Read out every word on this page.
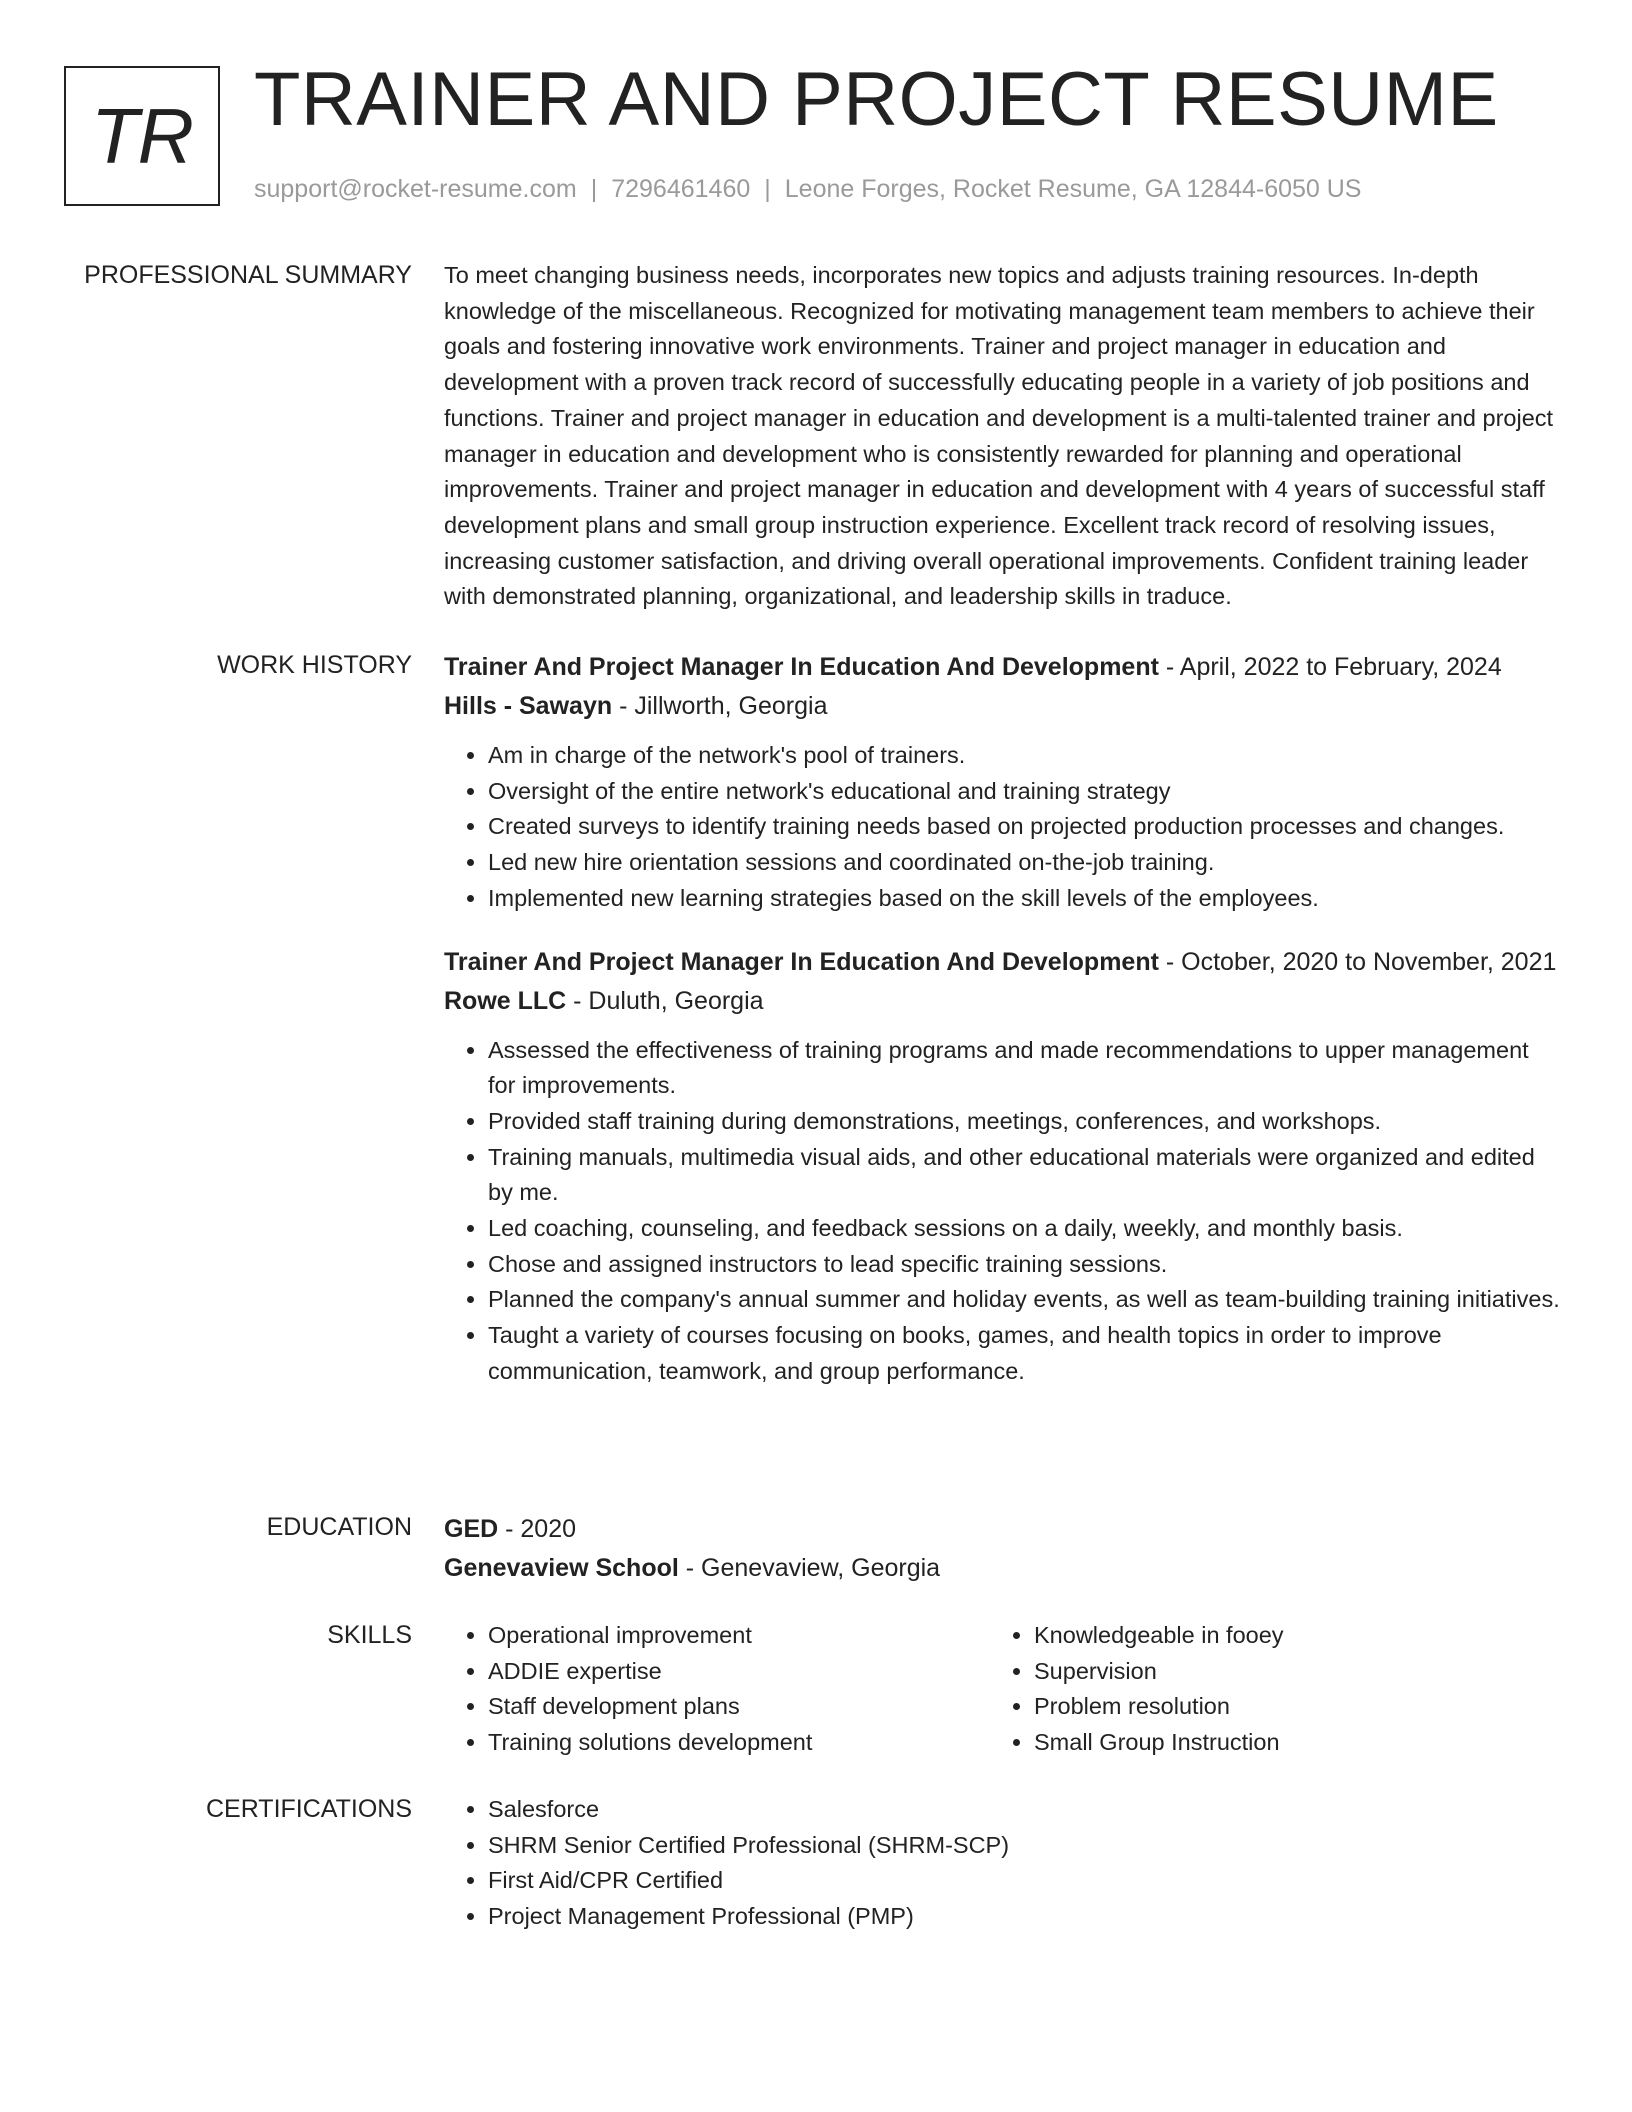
TR TRAINER AND PROJECT RESUME
support@rocket-resume.com | 7296461460 | Leone Forges, Rocket Resume, GA 12844-6050 US
PROFESSIONAL SUMMARY To meet changing business needs, incorporates new topics and adjusts training resources. In-depth knowledge of the miscellaneous. Recognized for motivating management team members to achieve their goals and fostering innovative work environments. Trainer and project manager in education and development with a proven track record of successfully educating people in a variety of job positions and functions. Trainer and project manager in education and development is a multi-talented trainer and project manager in education and development who is consistently rewarded for planning and operational improvements. Trainer and project manager in education and development with 4 years of successful staff development plans and small group instruction experience. Excellent track record of resolving issues, increasing customer satisfaction, and driving overall operational improvements. Confident training leader with demonstrated planning, organizational, and leadership skills in traduce.

WORK HISTORY Trainer And Project Manager In Education And Development - April, 2022 to February, 2024
Hills - Sawayn - Jillworth, Georgia
• Am in charge of the network's pool of trainers.
• Oversight of the entire network's educational and training strategy
• Created surveys to identify training needs based on projected production processes and changes.
• Led new hire orientation sessions and coordinated on-the-job training.
• Implemented new learning strategies based on the skill levels of the employees.
Trainer And Project Manager In Education And Development - October, 2020 to November, 2021
Rowe LLC - Duluth, Georgia
• Assessed the effectiveness of training programs and made recommendations to upper management for improvements.
• Provided staff training during demonstrations, meetings, conferences, and workshops.
• Training manuals, multimedia visual aids, and other educational materials were organized and edited by me.
• Led coaching, counseling, and feedback sessions on a daily, weekly, and monthly basis.
• Chose and assigned instructors to lead specific training sessions.
• Planned the company's annual summer and holiday events, as well as team-building training initiatives.
• Taught a variety of courses focusing on books, games, and health topics in order to improve communication, teamwork, and group performance.
EDUCATION GED - 2020
Genevaview School - Genevaview, Georgia
SKILLS	• Operational improvement
• ADDIE expertise
• Staff development plans
• Training solutions development
• Knowledgeable in fooey
• Supervision
• Problem resolution
• Small Group Instruction
CERTIFICATIONS	• Salesforce
• SHRM Senior Certified Professional (SHRM-SCP)
• First Aid/CPR Certified
• Project Management Professional (PMP)
